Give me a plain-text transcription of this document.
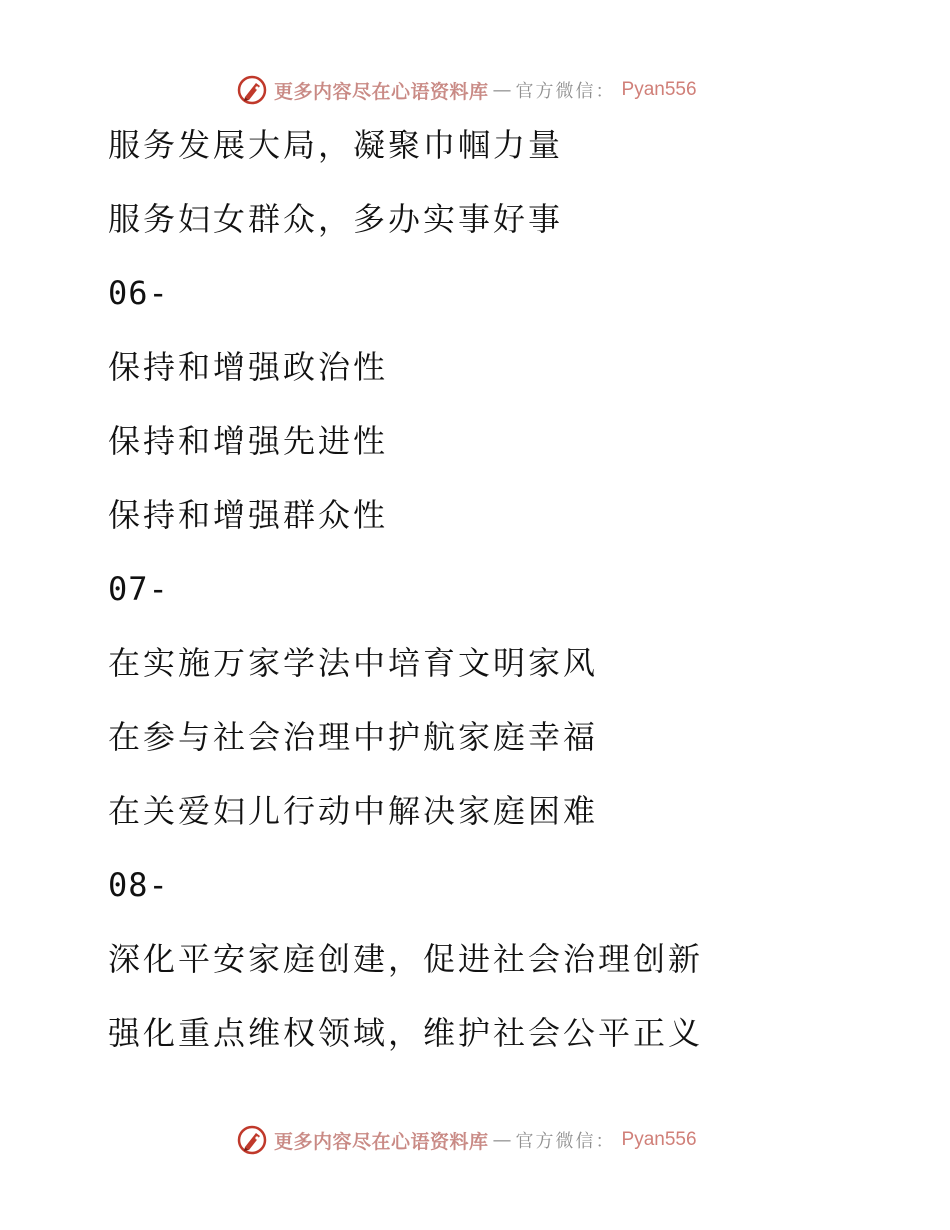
更多内容尽在心语资料库 — 官方微信： Pyan556
服务发展大局，凝聚巾帼力量
服务妇女群众，多办实事好事
06-
保持和增强政治性
保持和增强先进性
保持和增强群众性
07-
在实施万家学法中培育文明家风
在参与社会治理中护航家庭幸福
在关爱妇儿行动中解决家庭困难
08-
深化平安家庭创建，促进社会治理创新
强化重点维权领域，维护社会公平正义
更多内容尽在心语资料库 — 官方微信： Pyan556
